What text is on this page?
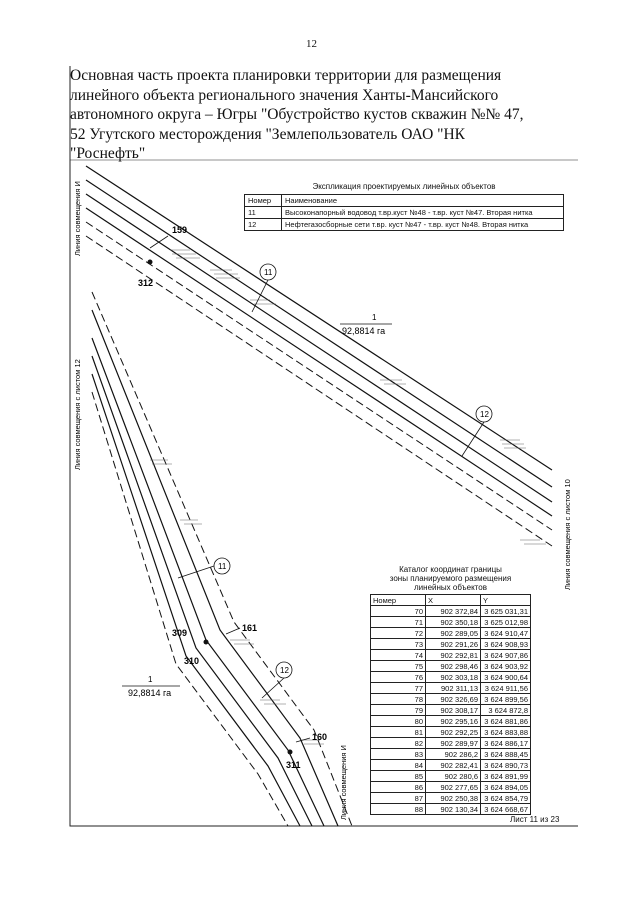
12
Основная часть проекта планировки территории для размещения
линейного объекта регионального значения Ханты-Мансийского
автономного округа – Югры "Обустройство кустов скважин №№ 47,
52 Угутского месторождения "Землепользователь ОАО "НК
"Роснефть"
Линия совмещения И
Линия совмещения с листом 12
Линия совмещения с листом 10
Линия совмещения И
159
312
161
309
310
160
311
11
12
11
12
1
92,8814 га
1
92,8814 га
Экспликация проектируемых линейных объектов
Номер	Наименование
11	Высоконапорный водовод т.вр.куст №48 - т.вр. куст №47. Вторая нитка
12	Нефтегазосборные сети т.вр. куст №47 - т.вр. куст №48. Вторая нитка
Каталог координат границы
зоны планируемого размещения
линейных объектов
Номер	X	Y
70	902 372,84	3 625 031,31
71	902 350,18	3 625 012,98
72	902 289,05	3 624 910,47
73	902 291,26	3 624 908,93
74	902 292,81	3 624 907,86
75	902 298,46	3 624 903,92
76	902 303,18	3 624 900,64
77	902 311,13	3 624 911,56
78	902 326,69	3 624 899,56
79	902 308,17	3 624 872,8
80	902 295,16	3 624 881,86
81	902 292,25	3 624 883,88
82	902 289,97	3 624 886,17
83	902 286,2	3 624 888,45
84	902 282,41	3 624 890,73
85	902 280,6	3 624 891,99
86	902 277,65	3 624 894,05
87	902 250,38	3 624 854,79
88	902 130,34	3 624 668,67
Лист 11 из 23
